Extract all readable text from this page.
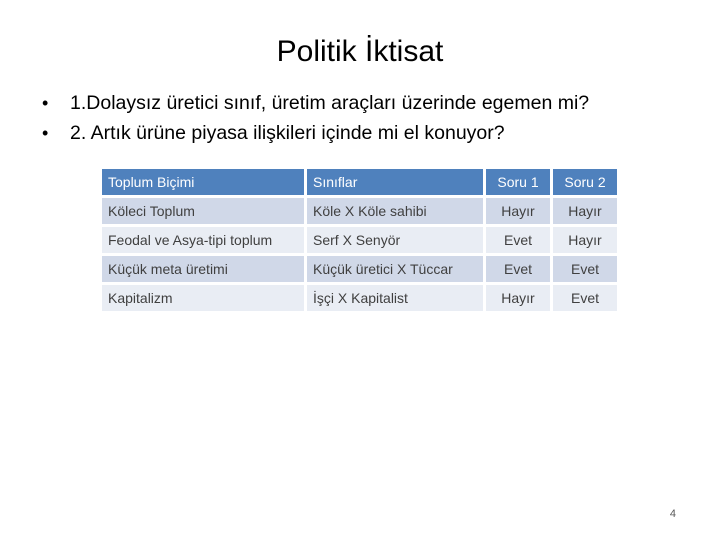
Politik İktisat
•	1.Dolaysız üretici sınıf, üretim araçları üzerinde egemen mi?
•	2. Artık ürüne piyasa ilişkileri içinde mi el konuyor?
Toplum Biçimi	Sınıflar	Soru 1	Soru 2
Köleci Toplum	Köle X Köle sahibi	Hayır	Hayır
Feodal ve Asya-tipi toplum	Serf X Senyör	Evet	Hayır
Küçük meta üretimi	Küçük üretici X Tüccar	Evet	Evet
Kapitalizm	İşçi X Kapitalist	Hayır	Evet
4
